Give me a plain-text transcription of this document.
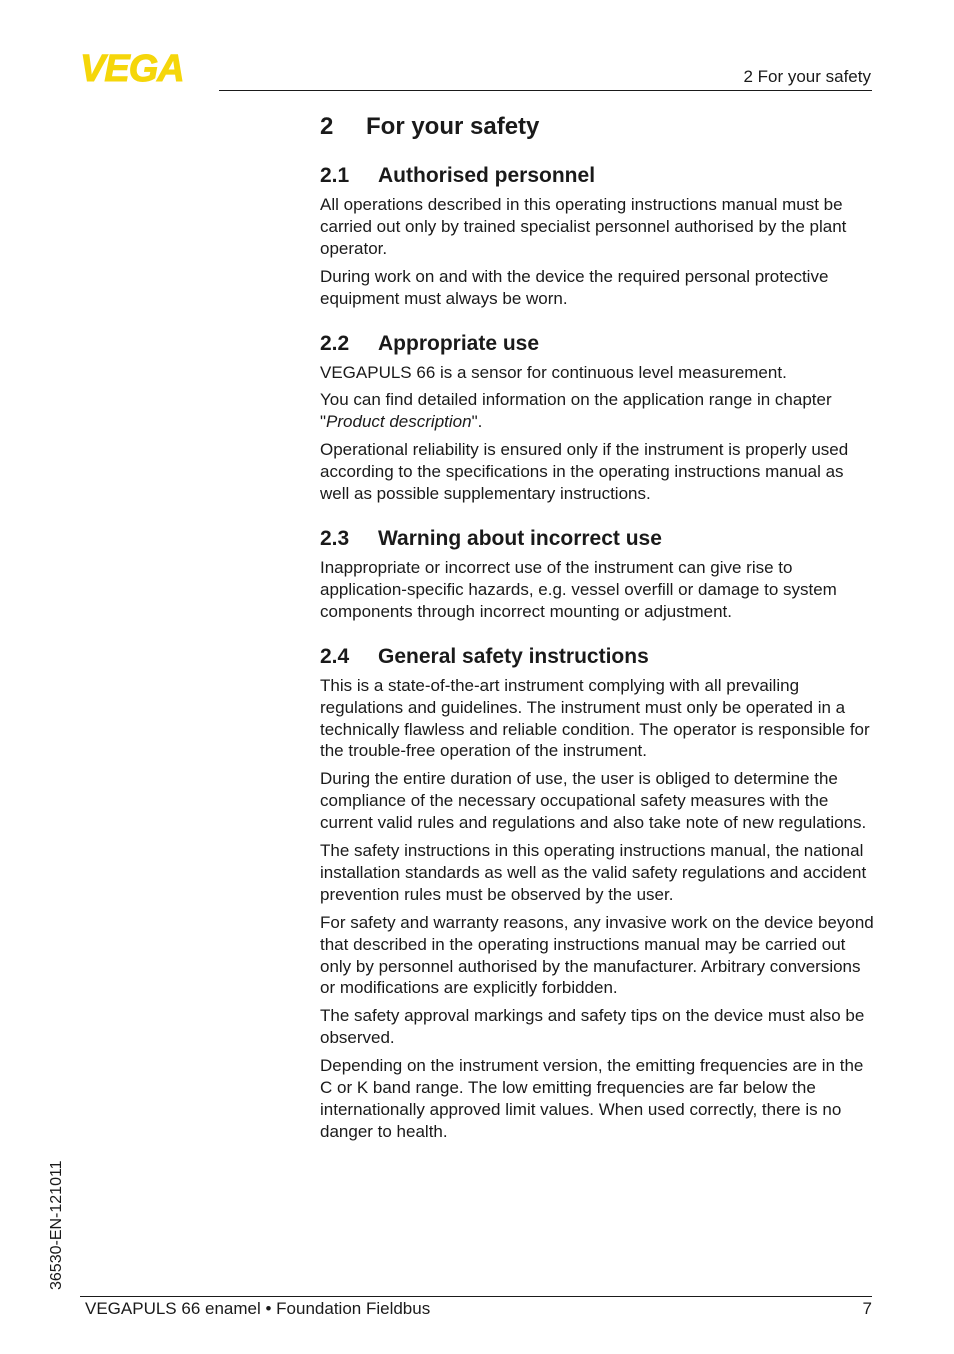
VEGA	2 For your safety
2 For your safety
2.1 Authorised personnel

All operations described in this operating instructions manual must be carried out only by trained specialist personnel authorised by the plant operator.

During work on and with the device the required personal protective equipment must always be worn.

2.2 Appropriate use

VEGAPULS 66 is a sensor for continuous level measurement.

You can find detailed information on the application range in chapter "Product description".

Operational reliability is ensured only if the instrument is properly used according to the specifications in the operating instructions manual as well as possible supplementary instructions.

2.3 Warning about incorrect use

Inappropriate or incorrect use of the instrument can give rise to application-specific hazards, e.g. vessel overfill or damage to system components through incorrect mounting or adjustment.

2.4 General safety instructions

This is a state-of-the-art instrument complying with all prevailing regulations and guidelines. The instrument must only be operated in a technically flawless and reliable condition. The operator is responsible for the trouble-free operation of the instrument.

During the entire duration of use, the user is obliged to determine the compliance of the necessary occupational safety measures with the current valid rules and regulations and also take note of new regulations.

The safety instructions in this operating instructions manual, the national installation standards as well as the valid safety regulations and accident prevention rules must be observed by the user.

For safety and warranty reasons, any invasive work on the device beyond that described in the operating instructions manual may be carried out only by personnel authorised by the manufacturer. Arbitrary conversions or modifications are explicitly forbidden.

The safety approval markings and safety tips on the device must also be observed.

Depending on the instrument version, the emitting frequencies are in the C or K band range. The low emitting frequencies are far below the internationally approved limit values. When used correctly, there is no danger to health.

36530-EN-121011
VEGAPULS 66 enamel • Foundation Fieldbus	7
